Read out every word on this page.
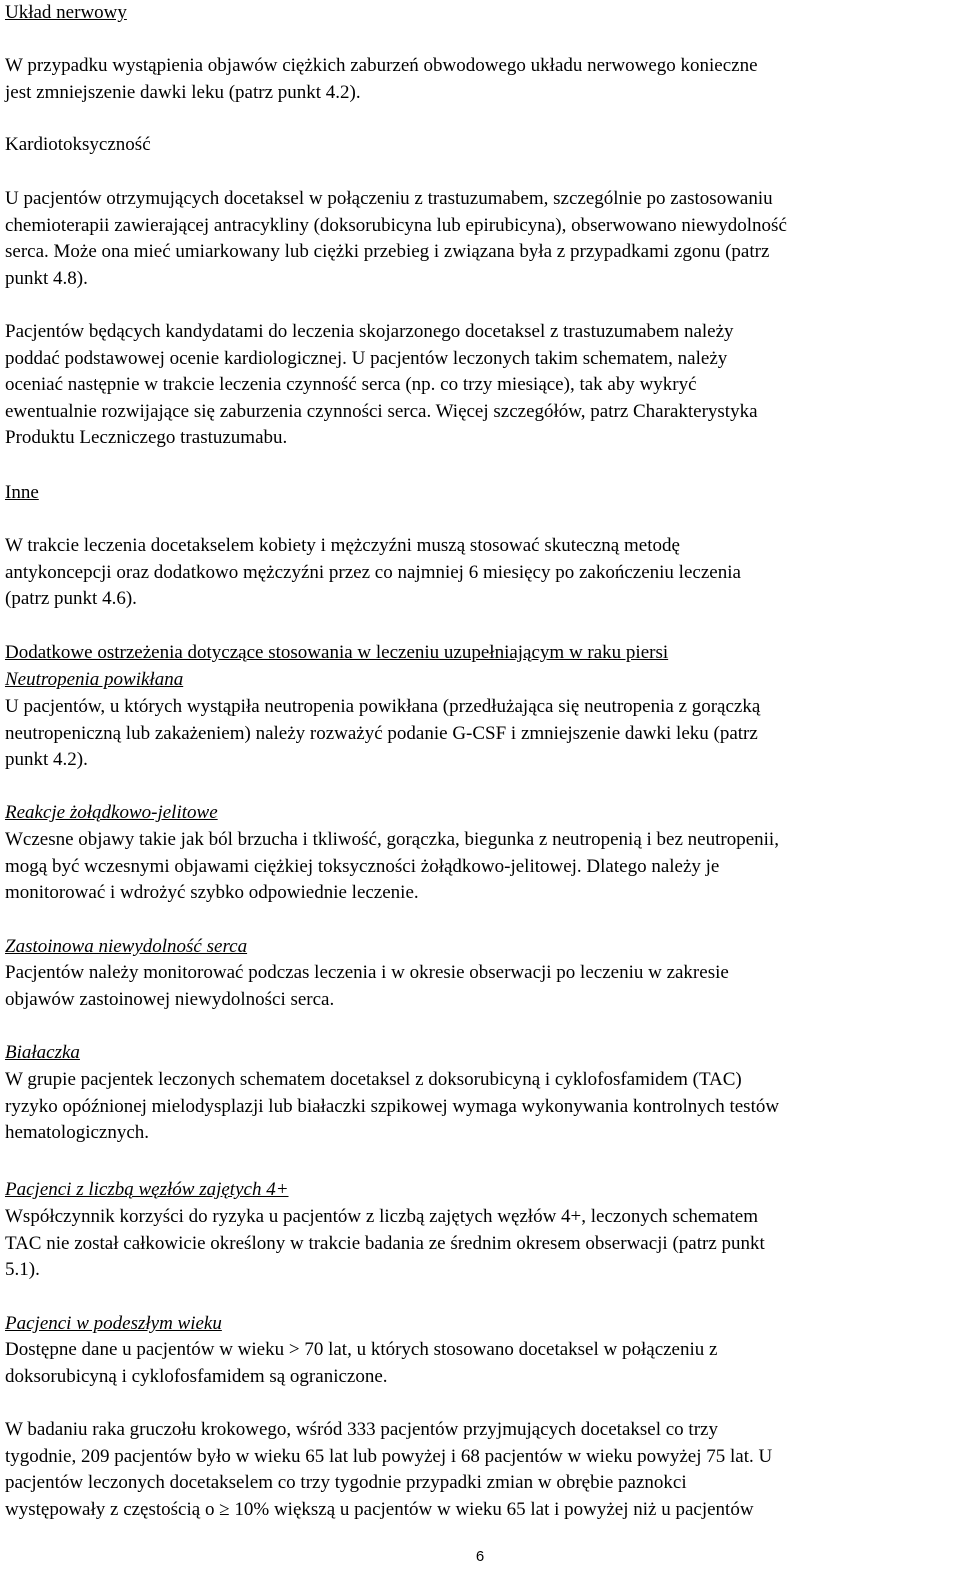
Układ nerwowy
W przypadku wystąpienia objawów ciężkich zaburzeń obwodowego układu nerwowego konieczne
jest zmniejszenie dawki leku (patrz punkt 4.2).
Kardiotoksyczność
U pacjentów otrzymujących docetaksel w połączeniu z trastuzumabem, szczególnie po zastosowaniu
chemioterapii zawierającej antracykliny (doksorubicyna lub epirubicyna), obserwowano niewydolność
serca. Może ona mieć umiarkowany lub ciężki przebieg i związana była z przypadkami zgonu (patrz
punkt 4.8).
Pacjentów będących kandydatami do leczenia skojarzonego docetaksel z trastuzumabem należy
poddać podstawowej ocenie kardiologicznej. U pacjentów leczonych takim schematem, należy
oceniać następnie w trakcie leczenia czynność serca (np. co trzy miesiące), tak aby wykryć
ewentualnie rozwijające się zaburzenia czynności serca. Więcej szczegółów, patrz Charakterystyka
Produktu Leczniczego trastuzumabu.
Inne
W trakcie leczenia docetakselem kobiety i mężczyźni muszą stosować skuteczną metodę
antykoncepcji oraz dodatkowo mężczyźni przez co najmniej 6 miesięcy po zakończeniu leczenia
(patrz punkt 4.6).
Dodatkowe ostrzeżenia dotyczące stosowania w leczeniu uzupełniającym w raku piersi
Neutropenia powikłana
U pacjentów, u których wystąpiła neutropenia powikłana (przedłużająca się neutropenia z gorączką
neutropeniczną lub zakażeniem) należy rozważyć podanie G-CSF i zmniejszenie dawki leku (patrz
punkt 4.2).
Reakcje żołądkowo-jelitowe
Wczesne objawy takie jak ból brzucha i tkliwość, gorączka, biegunka z neutropenią i bez neutropenii,
mogą być wczesnymi objawami ciężkiej toksyczności żołądkowo-jelitowej. Dlatego należy je
monitorować i wdrożyć szybko odpowiednie leczenie.
Zastoinowa niewydolność serca
Pacjentów należy monitorować podczas leczenia i w okresie obserwacji po leczeniu w zakresie
objawów zastoinowej niewydolności serca.
Białaczka
W grupie pacjentek leczonych schematem docetaksel z doksorubicyną i cyklofosfamidem (TAC)
ryzyko opóźnionej mielodysplazji lub białaczki szpikowej wymaga wykonywania kontrolnych testów
hematologicznych.
Pacjenci z liczbą węzłów zajętych 4+
Współczynnik korzyści do ryzyka u pacjentów z liczbą zajętych węzłów 4+, leczonych schematem
TAC nie został całkowicie określony w trakcie badania ze średnim okresem obserwacji (patrz punkt
5.1).
Pacjenci w podeszłym wieku
Dostępne dane u pacjentów w wieku > 70 lat, u których stosowano docetaksel w połączeniu z
doksorubicyną i cyklofosfamidem są ograniczone.
W badaniu raka gruczołu krokowego, wśród 333 pacjentów przyjmujących docetaksel co trzy
tygodnie, 209 pacjentów było w wieku 65 lat lub powyżej i 68 pacjentów w wieku powyżej 75 lat. U
pacjentów leczonych docetakselem co trzy tygodnie przypadki zmian w obrębie paznokci
występowały z częstością o ≥ 10% większą u pacjentów w wieku 65 lat i powyżej niż u pacjentów
6
